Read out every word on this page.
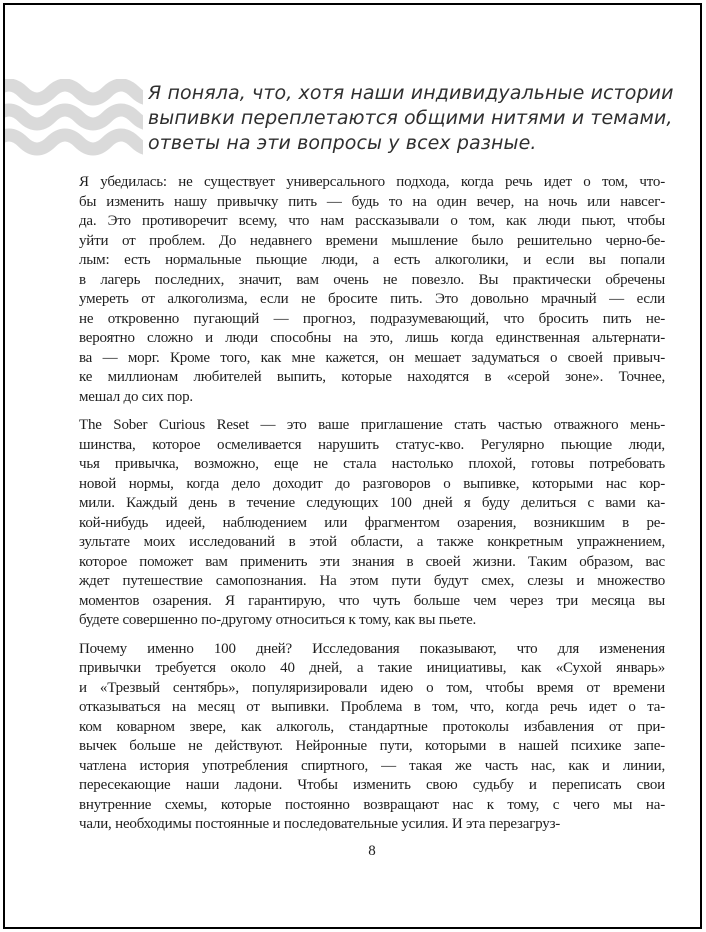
Я поняла, что, хотя наши индивидуальные истории
выпивки переплетаются общими нитями и темами,
ответы на эти вопросы у всех разные.
Я убедилась: не существует универсального подхода, когда речь идет о том, что-
бы изменить нашу привычку пить — будь то на один вечер, на ночь или навсег-
да. Это противоречит всему, что нам рассказывали о том, как люди пьют, чтобы
уйти от проблем. До недавнего времени мышление было решительно черно-бе-
лым: есть нормальные пьющие люди, а есть алкоголики, и если вы попали
в лагерь последних, значит, вам очень не повезло. Вы практически обречены
умереть от алкоголизма, если не бросите пить. Это довольно мрачный — если
не откровенно пугающий — прогноз, подразумевающий, что бросить пить не-
вероятно сложно и люди способны на это, лишь когда единственная альтернати-
ва — морг. Кроме того, как мне кажется, он мешает задуматься о своей привыч-
ке миллионам любителей выпить, которые находятся в «серой зоне». Точнее,
мешал до сих пор.
The Sober Curious Reset — это ваше приглашение стать частью отважного мень-
шинства, которое осмеливается нарушить статус-кво. Регулярно пьющие люди,
чья привычка, возможно, еще не стала настолько плохой, готовы потребовать
новой нормы, когда дело доходит до разговоров о выпивке, которыми нас кор-
мили. Каждый день в течение следующих 100 дней я буду делиться с вами ка-
кой-нибудь идеей, наблюдением или фрагментом озарения, возникшим в ре-
зультате моих исследований в этой области, а также конкретным упражнением,
которое поможет вам применить эти знания в своей жизни. Таким образом, вас
ждет путешествие самопознания. На этом пути будут смех, слезы и множество
моментов озарения. Я гарантирую, что чуть больше чем через три месяца вы
будете совершенно по-другому относиться к тому, как вы пьете.
Почему именно 100 дней? Исследования показывают, что для изменения
привычки требуется около 40 дней, а такие инициативы, как «Сухой январь»
и «Трезвый сентябрь», популяризировали идею о том, чтобы время от времени
отказываться на месяц от выпивки. Проблема в том, что, когда речь идет о та-
ком коварном звере, как алкоголь, стандартные протоколы избавления от при-
вычек больше не действуют. Нейронные пути, которыми в нашей психике запе-
чатлена история употребления спиртного, — такая же часть нас, как и линии,
пересекающие наши ладони. Чтобы изменить свою судьбу и переписать свои
внутренние схемы, которые постоянно возвращают нас к тому, с чего мы на-
чали, необходимы постоянные и последовательные усилия. И эта перезагруз-
8
